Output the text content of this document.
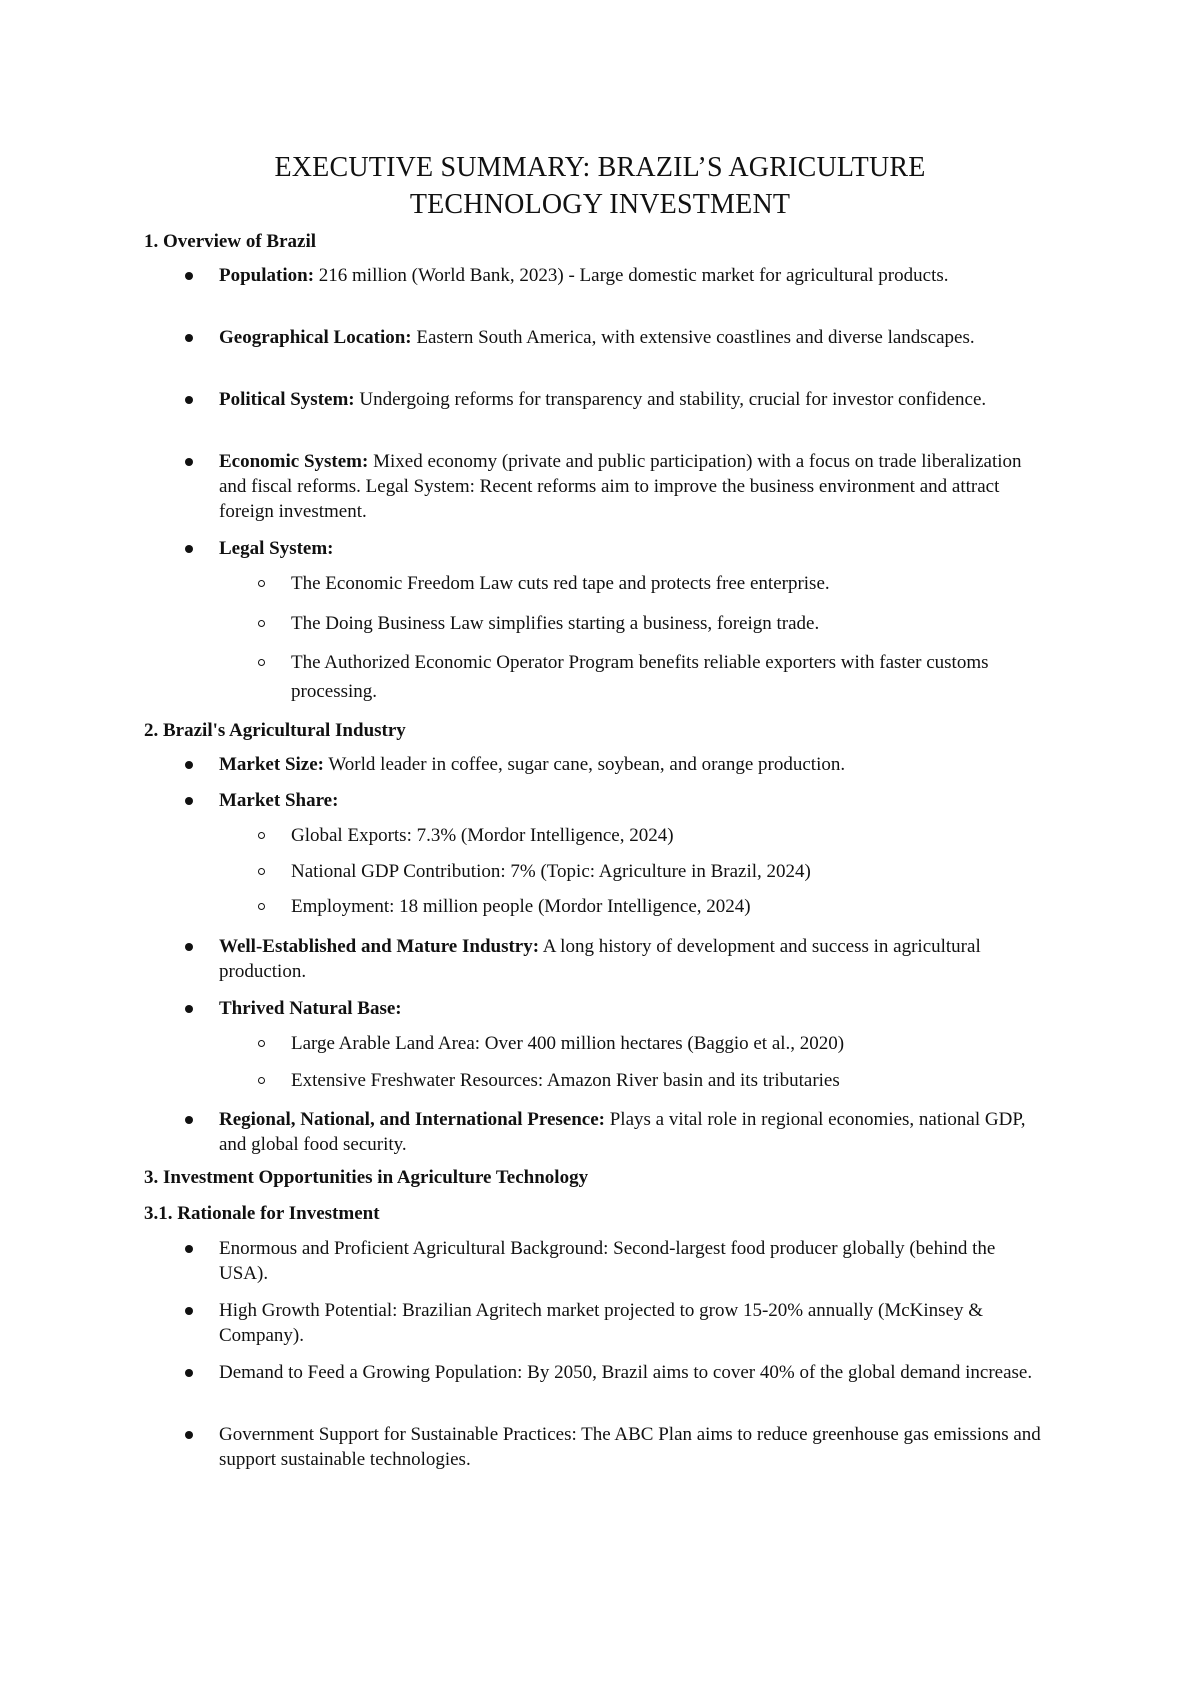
EXECUTIVE SUMMARY: BRAZIL’S AGRICULTURE
TECHNOLOGY INVESTMENT

1. Overview of Brazil

Population: 216 million (World Bank, 2023) - Large domestic market for agricultural products.

Geographical Location: Eastern South America, with extensive coastlines and diverse landscapes.

Political System: Undergoing reforms for transparency and stability, crucial for investor confidence.

Economic System: Mixed economy (private and public participation) with a focus on trade liberalization and fiscal reforms. Legal System: Recent reforms aim to improve the business environment and attract foreign investment.

Legal System:

The Economic Freedom Law cuts red tape and protects free enterprise.

The Doing Business Law simplifies starting a business, foreign trade.

The Authorized Economic Operator Program benefits reliable exporters with faster customs processing.

2. Brazil's Agricultural Industry

Market Size: World leader in coffee, sugar cane, soybean, and orange production.

Market Share:

Global Exports: 7.3% (Mordor Intelligence, 2024)

National GDP Contribution: 7% (Topic: Agriculture in Brazil, 2024)

Employment: 18 million people (Mordor Intelligence, 2024)

Well-Established and Mature Industry: A long history of development and success in agricultural production.

Thrived Natural Base:

Large Arable Land Area: Over 400 million hectares (Baggio et al., 2020)

Extensive Freshwater Resources: Amazon River basin and its tributaries

Regional, National, and International Presence: Plays a vital role in regional economies, national GDP, and global food security.

3. Investment Opportunities in Agriculture Technology

3.1. Rationale for Investment

Enormous and Proficient Agricultural Background: Second-largest food producer globally (behind the USA).

High Growth Potential: Brazilian Agritech market projected to grow 15-20% annually (McKinsey & Company).

Demand to Feed a Growing Population: By 2050, Brazil aims to cover 40% of the global demand increase.

Government Support for Sustainable Practices: The ABC Plan aims to reduce greenhouse gas emissions and support sustainable technologies.
